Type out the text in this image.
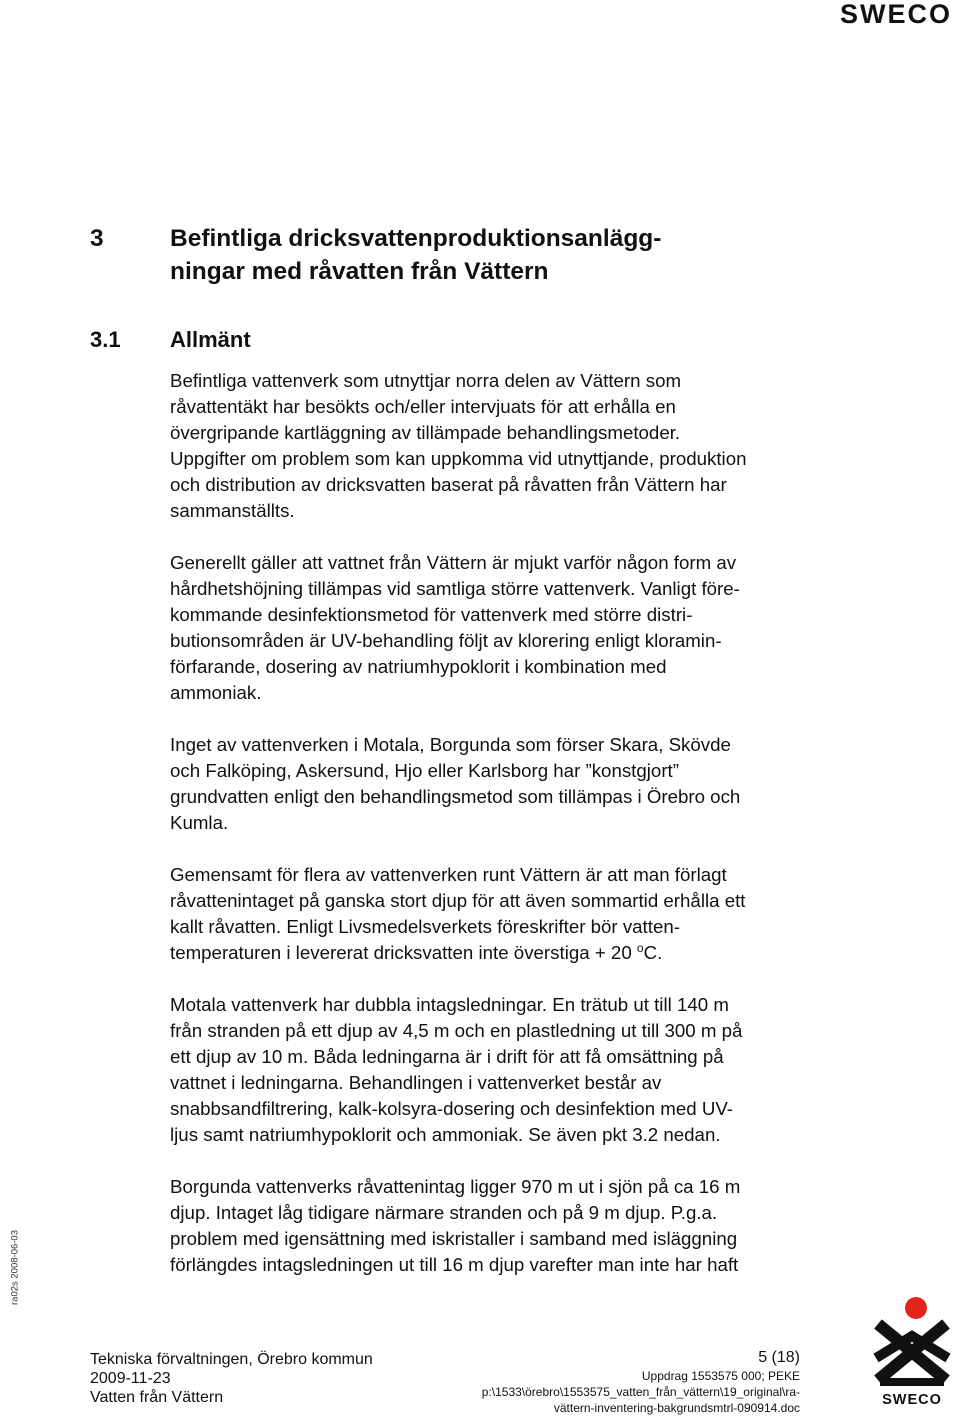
SWECO
3	Befintliga dricksvattenproduktionsanlägg-
ningar med råvatten från Vättern
3.1 Allmänt

Befintliga vattenverk som utnyttjar norra delen av Vättern som
råvattentäkt har besökts och/eller intervjuats för att erhålla en
övergripande kartläggning av tillämpade behandlingsmetoder.
Uppgifter om problem som kan uppkomma vid utnyttjande, produktion
och distribution av dricksvatten baserat på råvatten från Vättern har
sammanställts.

Generellt gäller att vattnet från Vättern är mjukt varför någon form av
hårdhetshöjning tillämpas vid samtliga större vattenverk. Vanligt före-
kommande desinfektionsmetod för vattenverk med större distri-
butionsområden är UV-behandling följt av klorering enligt kloramin-
förfarande, dosering av natriumhypoklorit i kombination med
ammoniak.

Inget av vattenverken i Motala, Borgunda som förser Skara, Skövde
och Falköping, Askersund, Hjo eller Karlsborg har ”konstgjort”
grundvatten enligt den behandlingsmetod som tillämpas i Örebro och
Kumla.

Gemensamt för flera av vattenverken runt Vättern är att man förlagt
råvattenintaget på ganska stort djup för att även sommartid erhålla ett
kallt råvatten. Enligt Livsmedelsverkets föreskrifter bör vatten-
temperaturen i levererat dricksvatten inte överstiga + 20 $^o$C.

Motala vattenverk har dubbla intagsledningar. En trätub ut till 140 m
från stranden på ett djup av 4,5 m och en plastledning ut till 300 m på
ett djup av 10 m. Båda ledningarna är i drift för att få omsättning på
vattnet i ledningarna. Behandlingen i vattenverket består av
snabbsandfiltrering, kalk-kolsyra-dosering och desinfektion med UV-
ljus samt natriumhypoklorit och ammoniak. Se även pkt 3.2 nedan.

Borgunda vattenverks råvattenintag ligger 970 m ut i sjön på ca 16 m
djup. Intaget låg tidigare närmare stranden och på 9 m djup. P.g.a.
problem med igensättning med iskristaller i samband med isläggning
förlängdes intagsledningen ut till 16 m djup varefter man inte har haft

ra02s 2008-06-03
Tekniska förvaltningen, Örebro kommun
2009-11-23
Vatten från Vättern
5 (18)
Uppdrag 1553575 000; PEKE
p:\1533\örebro\1553575_vatten_från_vättern\19_original\ra-
vättern-inventering-bakgrundsmtrl-090914.doc	SWECO
